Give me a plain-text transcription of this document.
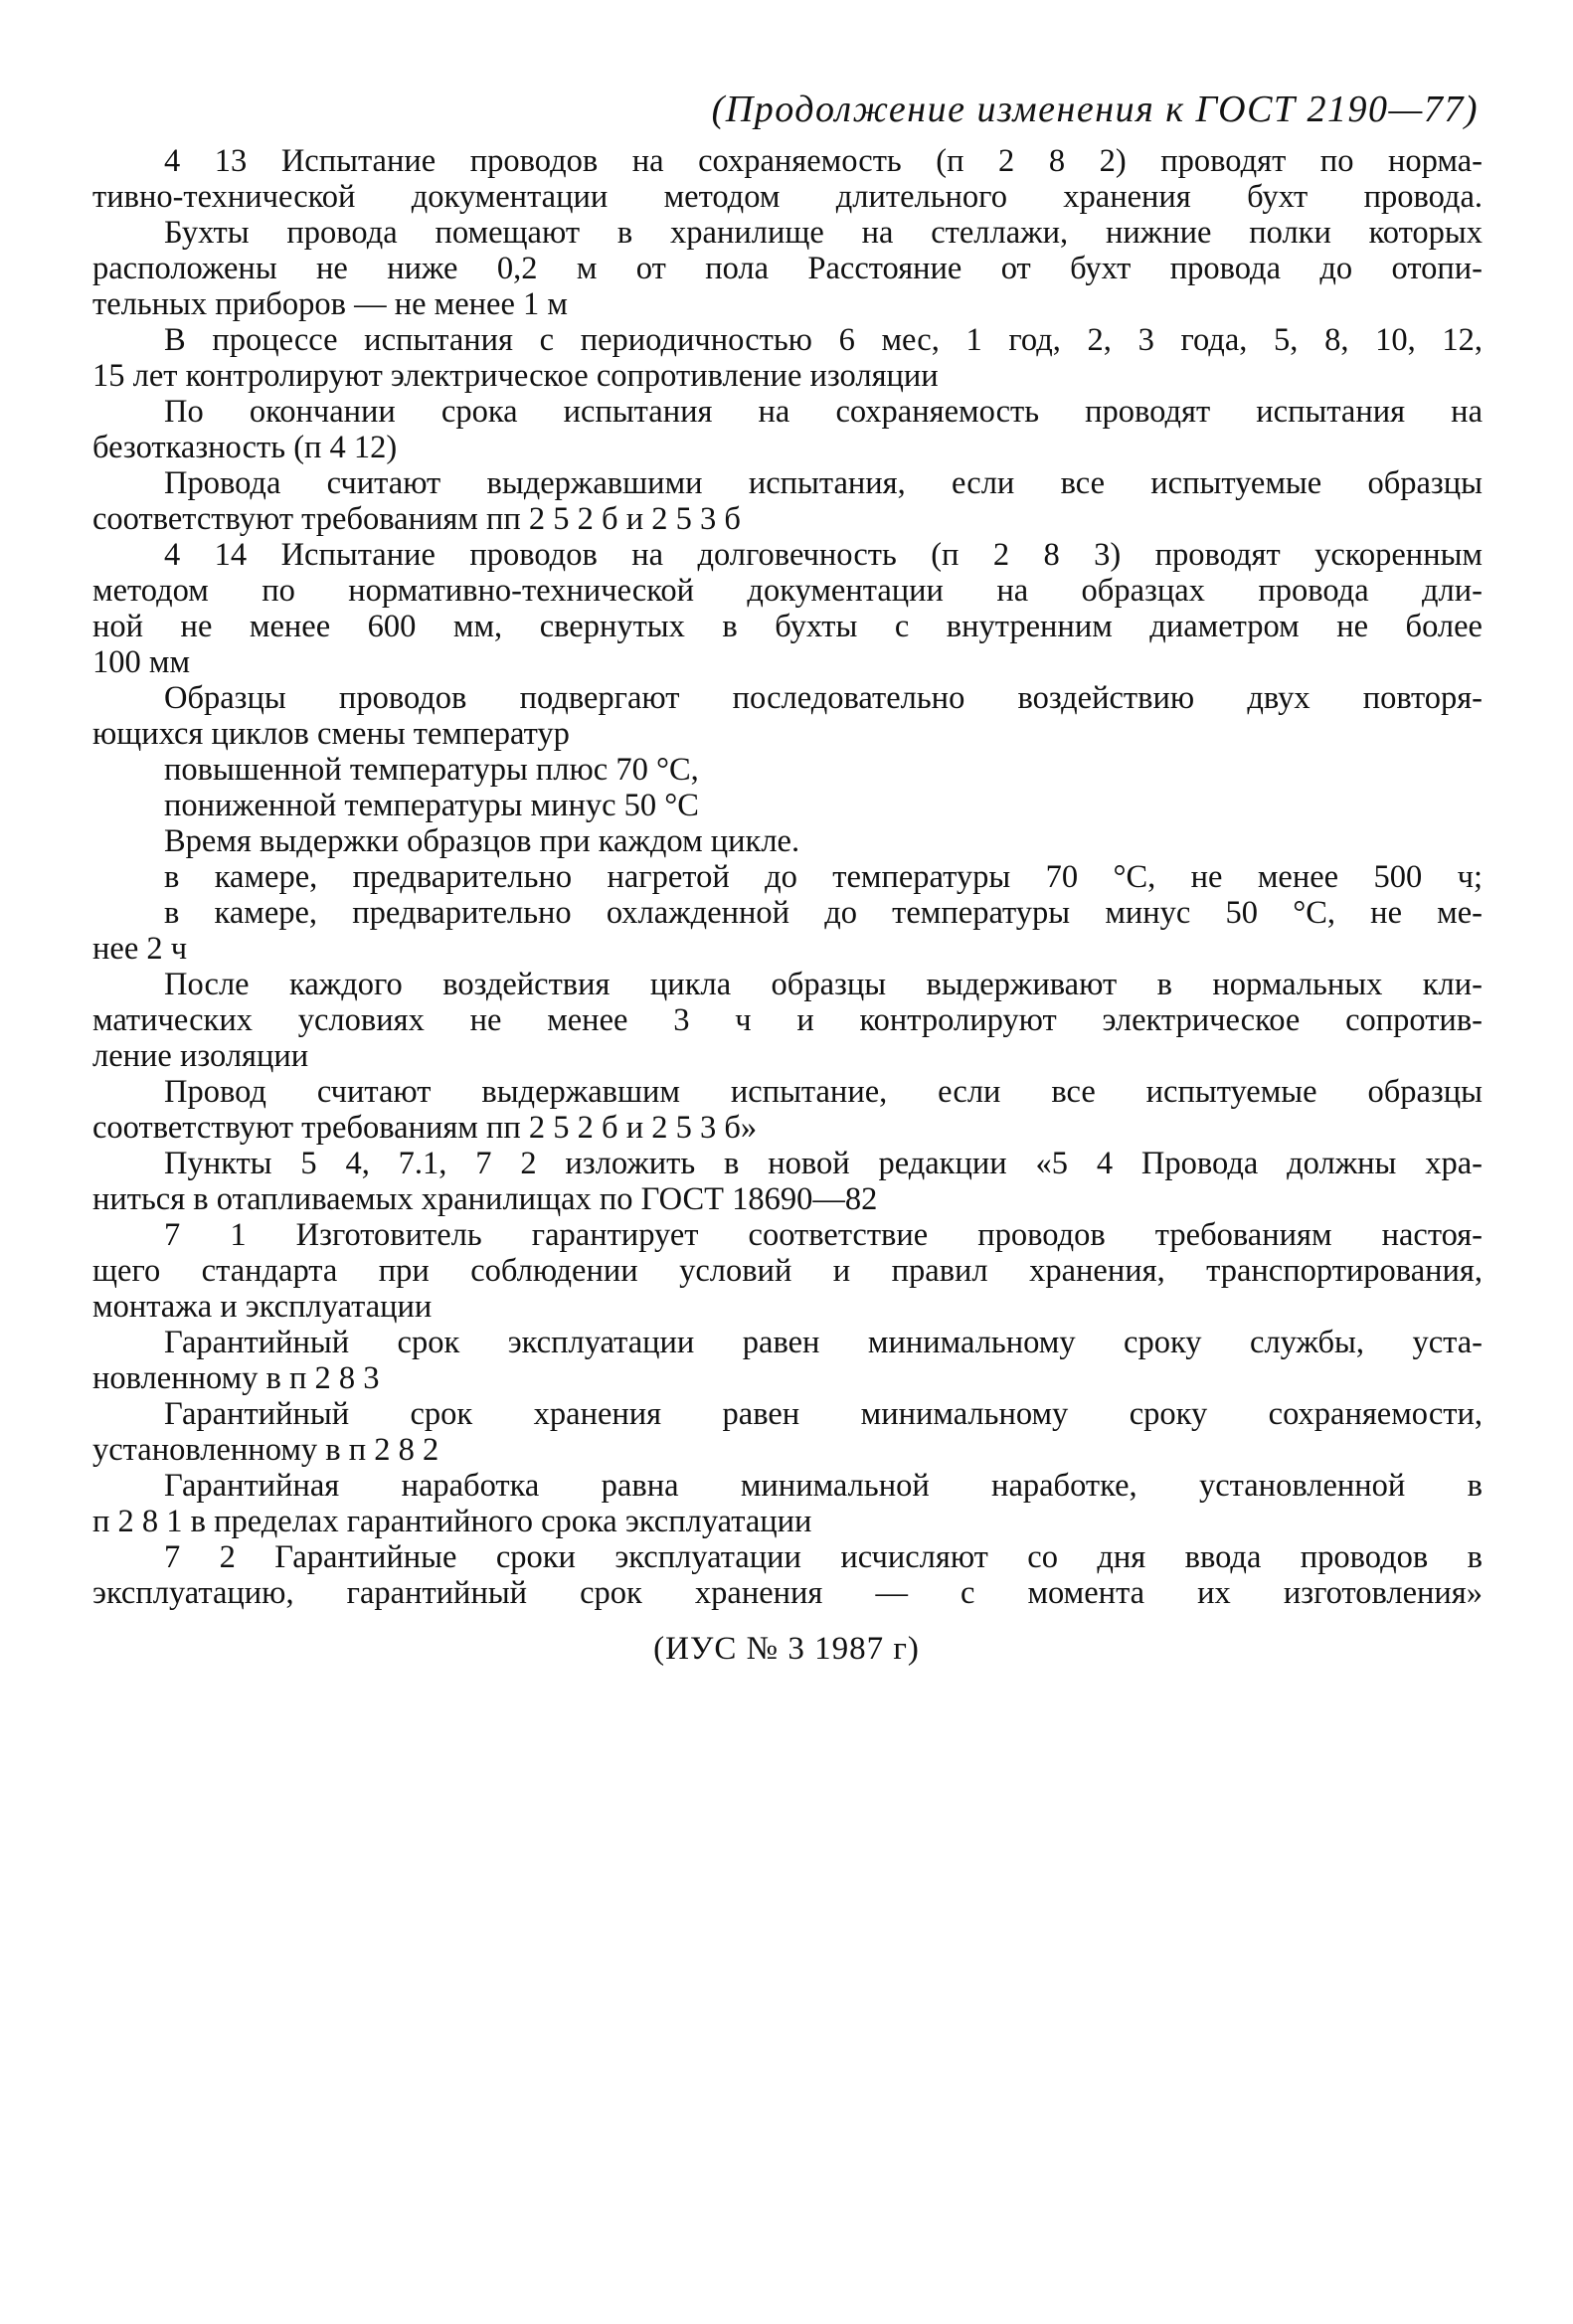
(Продолжение изменения к ГОСТ 2190—77)
4 13 Испытание проводов на сохраняемость (п 2 8 2) проводят по норма-
тивно-технической документации методом длительного хранения бухт провода.
Бухты провода помещают в хранилище на стеллажи, нижние полки которых
расположены не ниже 0,2 м от пола Расстояние от бухт провода до отопи-
тельных приборов — не менее 1 м
В процессе испытания с периодичностью 6 мес, 1 год, 2, 3 года, 5, 8, 10, 12,
15 лет контролируют электрическое сопротивление изоляции
По окончании срока испытания на сохраняемость проводят испытания на
безотказность (п 4 12)
Провода считают выдержавшими испытания, если все испытуемые образцы
соответствуют требованиям пп 2 5 2 б и 2 5 3 б
4 14 Испытание проводов на долговечность (п 2 8 3) проводят ускоренным
методом по нормативно-технической документации на образцах провода дли-
ной не менее 600 мм, свернутых в бухты с внутренним диаметром не более
100 мм
Образцы проводов подвергают последовательно воздействию двух повторя-
ющихся циклов смены температур
повышенной температуры плюс 70 °С,
пониженной температуры минус 50 °С
Время выдержки образцов при каждом цикле.
в камере, предварительно нагретой до температуры 70 °С, не менее 500 ч;
в камере, предварительно охлажденной до температуры минус 50 °С, не ме-
нее 2 ч
После каждого воздействия цикла образцы выдерживают в нормальных кли-
матических условиях не менее 3 ч и контролируют электрическое сопротив-
ление изоляции
Провод считают выдержавшим испытание, если все испытуемые образцы
соответствуют требованиям пп 2 5 2 б и 2 5 3 б»
Пункты 5 4, 7.1, 7 2 изложить в новой редакции «5 4 Провода должны хра-
ниться в отапливаемых хранилищах по ГОСТ 18690—82
7 1 Изготовитель гарантирует соответствие проводов требованиям настоя-
щего стандарта при соблюдении условий и правил хранения, транспортирования,
монтажа и эксплуатации
Гарантийный срок эксплуатации равен минимальному сроку службы, уста-
новленному в п 2 8 3
Гарантийный срок хранения равен минимальному сроку сохраняемости,
установленному в п 2 8 2
Гарантийная наработка равна минимальной наработке, установленной в
п 2 8 1 в пределах гарантийного срока эксплуатации
7 2 Гарантийные сроки эксплуатации исчисляют со дня ввода проводов в
эксплуатацию, гарантийный срок хранения — с момента их изготовления»
(ИУС № 3 1987 г)
